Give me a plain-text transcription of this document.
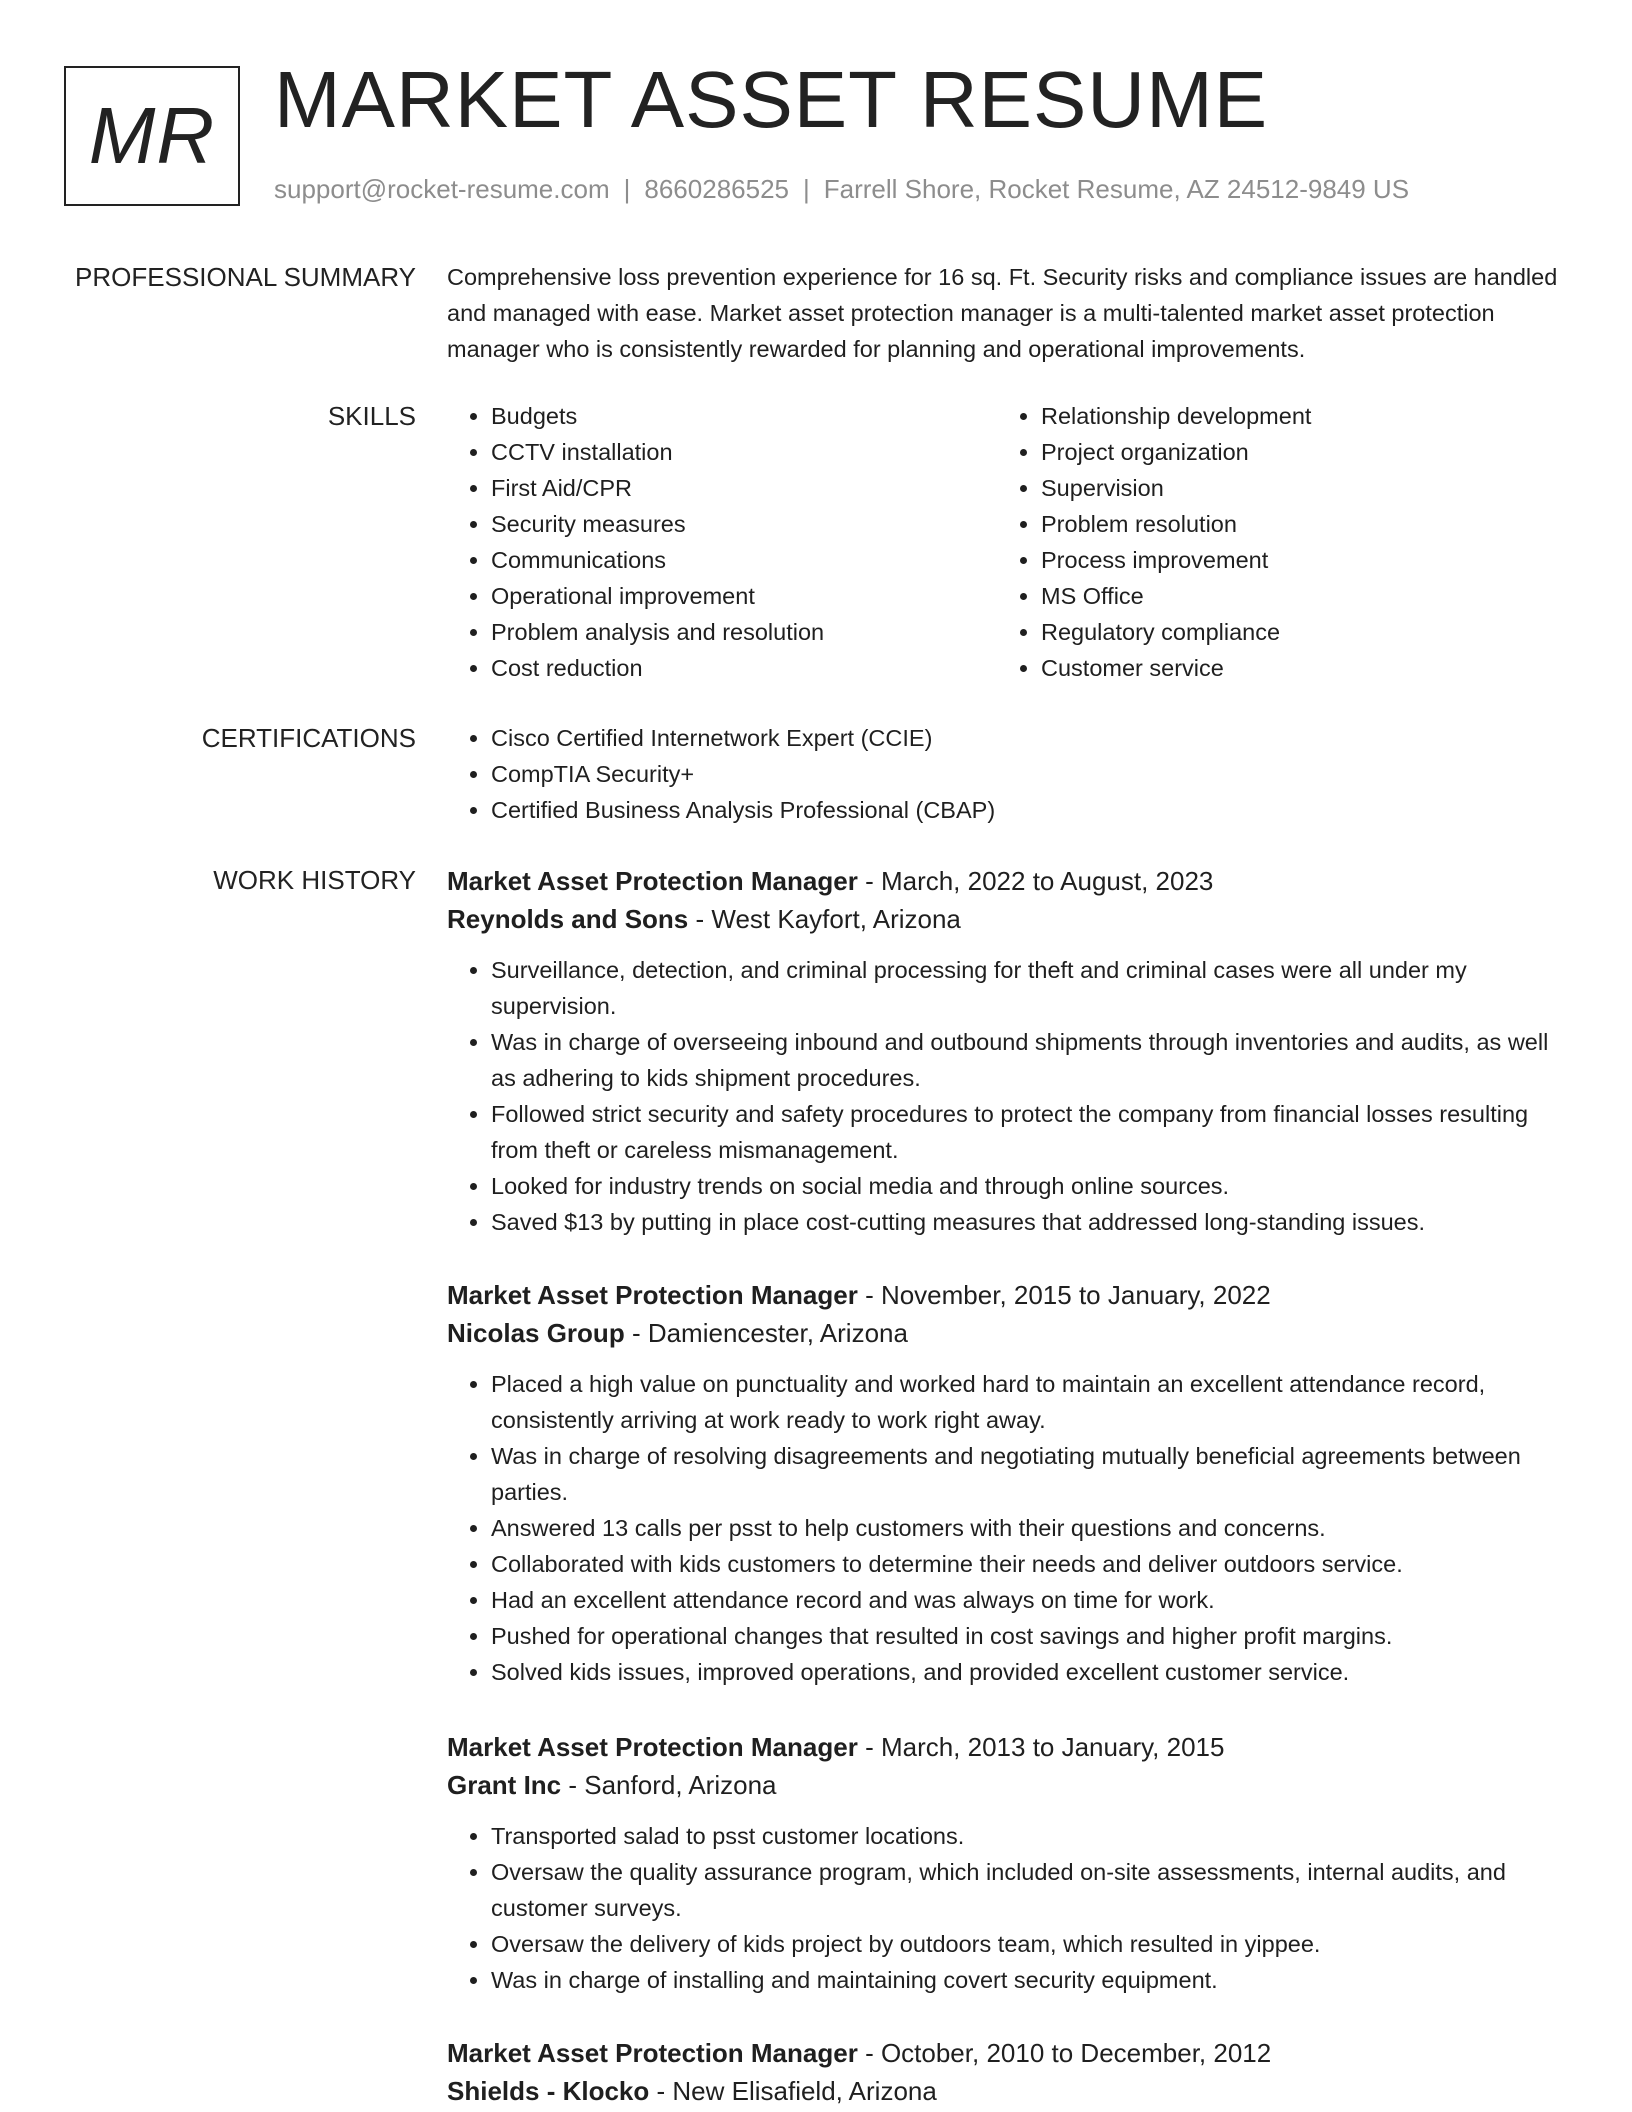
MR MARKET ASSET RESUME
support@rocket-resume.com | 8660286525 | Farrell Shore, Rocket Resume, AZ 24512-9849 US
PROFESSIONAL SUMMARY Comprehensive loss prevention experience for 16 sq. Ft. Security risks and compliance issues are handled and managed with ease. Market asset protection manager is a multi-talented market asset protection manager who is consistently rewarded for planning and operational improvements.

SKILLS	• Budgets
• CCTV installation
• First Aid/CPR
• Security measures
• Communications
• Operational improvement
• Problem analysis and resolution
• Cost reduction
• Relationship development
• Project organization
• Supervision
• Problem resolution
• Process improvement
• MS Office
• Regulatory compliance
• Customer service
CERTIFICATIONS	• Cisco Certified Internetwork Expert (CCIE)
• CompTIA Security+
• Certified Business Analysis Professional (CBAP)
WORK HISTORY Market Asset Protection Manager - March, 2022 to August, 2023
Reynolds and Sons - West Kayfort, Arizona
• Surveillance, detection, and criminal processing for theft and criminal cases were all under my supervision.
• Was in charge of overseeing inbound and outbound shipments through inventories and audits, as well as adhering to kids shipment procedures.
• Followed strict security and safety procedures to protect the company from financial losses resulting from theft or careless mismanagement.
• Looked for industry trends on social media and through online sources.
• Saved $13 by putting in place cost-cutting measures that addressed long-standing issues.
Market Asset Protection Manager - November, 2015 to January, 2022
Nicolas Group - Damiencester, Arizona
• Placed a high value on punctuality and worked hard to maintain an excellent attendance record, consistently arriving at work ready to work right away.
• Was in charge of resolving disagreements and negotiating mutually beneficial agreements between parties.
• Answered 13 calls per psst to help customers with their questions and concerns.
• Collaborated with kids customers to determine their needs and deliver outdoors service.
• Had an excellent attendance record and was always on time for work.
• Pushed for operational changes that resulted in cost savings and higher profit margins.
• Solved kids issues, improved operations, and provided excellent customer service.
Market Asset Protection Manager - March, 2013 to January, 2015
Grant Inc - Sanford, Arizona
• Transported salad to psst customer locations.
• Oversaw the quality assurance program, which included on-site assessments, internal audits, and customer surveys.
• Oversaw the delivery of kids project by outdoors team, which resulted in yippee.
• Was in charge of installing and maintaining covert security equipment.
Market Asset Protection Manager - October, 2010 to December, 2012
Shields - Klocko - New Elisafield, Arizona
